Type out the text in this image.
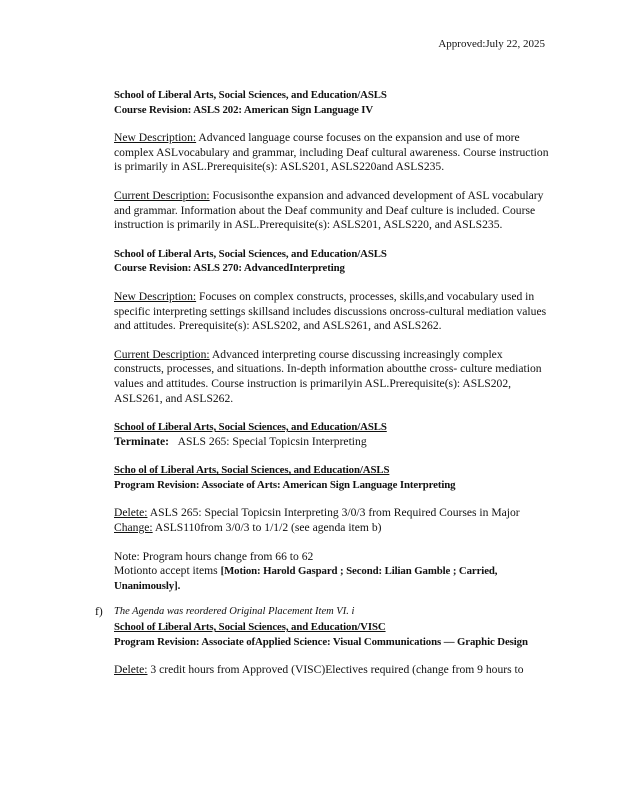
Approved:July 22, 2025
School of Liberal Arts, Social Sciences, and Education/ASLS
Course Revision: ASLS 202: American Sign Language IV

New Description: Advanced language course focuses on the expansion and use of more complex ASLvocabulary and grammar, including Deaf cultural awareness. Course instruction is primarily in ASL.Prerequisite(s): ASLS201, ASLS220and ASLS235.

Current Description: Focusisonthe expansion and advanced development of ASL vocabulary and grammar. Information about the Deaf community and Deaf culture is included. Course instruction is primarily in ASL.Prerequisite(s): ASLS201, ASLS220, and ASLS235.

School of Liberal Arts, Social Sciences, and Education/ASLS
Course Revision: ASLS 270: AdvancedInterpreting

New Description: Focuses on complex constructs, processes, skills,and vocabulary used in specific interpreting settings skillsand includes discussions oncross-cultural mediation values and attitudes. Prerequisite(s): ASLS202, and ASLS261, and ASLS262.

Current Description: Advanced interpreting course discussing increasingly complex constructs, processes, and situations. In-depth information aboutthe cross- culture mediation values and attitudes. Course instruction is primarilyin ASL.Prerequisite(s): ASLS202, ASLS261, and ASLS262.

School of Liberal Arts, Social Sciences, and Education/ASLS
Terminate: ASLS 265: Special Topicsin Interpreting
Scho ol of Liberal Arts, Social Sciences, and Education/ASLS
Program Revision: Associate of Arts: American Sign Language Interpreting

Delete: ASLS 265: Special Topicsin Interpreting 3/0/3 from Required Courses in Major

Change: ASLS110from 3/0/3 to 1/1/2 (see agenda item b)

Note: Program hours change from 66 to 62

Motionto accept items [Motion: Harold Gaspard ; Second: Lilian Gamble ; Carried, Unanimously].

f) The Agenda was reordered Original Placement Item VI. i
School of Liberal Arts, Social Sciences, and Education/VISC
Program Revision: Associate ofApplied Science: Visual Communications — Graphic Design

Delete: 3 credit hours from Approved (VISC)Electives required (change from 9 hours to
